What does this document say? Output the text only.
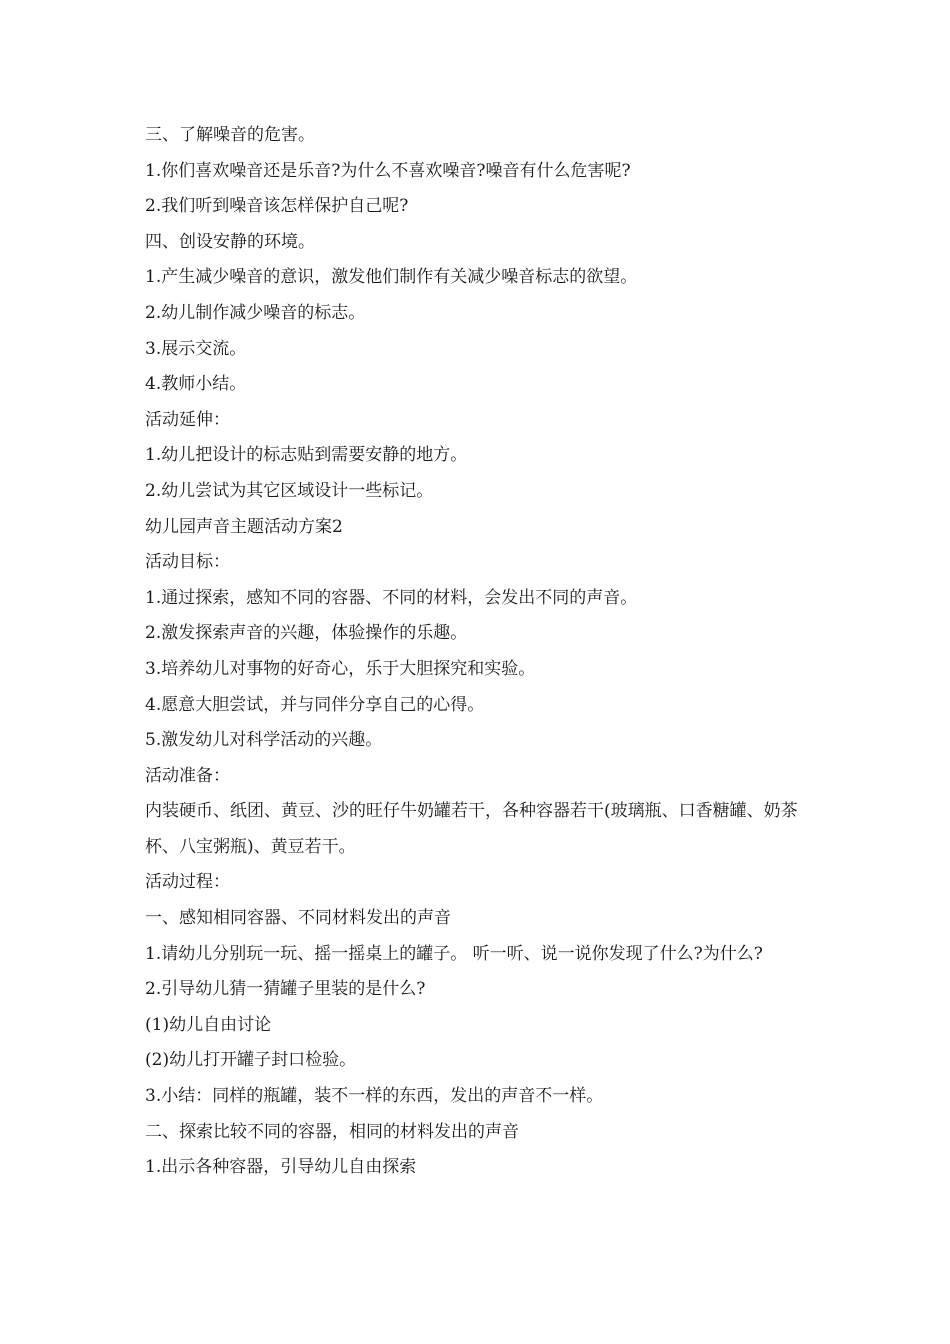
三、了解噪音的危害。

1.你们喜欢噪音还是乐音?为什么不喜欢噪音?噪音有什么危害呢?

2.我们听到噪音该怎样保护自己呢?

四、创设安静的环境。

1.产生减少噪音的意识，激发他们制作有关减少噪音标志的欲望。

2.幼儿制作减少噪音的标志。

3.展示交流。

4.教师小结。

活动延伸：

1.幼儿把设计的标志贴到需要安静的地方。

2.幼儿尝试为其它区域设计一些标记。

幼儿园声音主题活动方案2

活动目标：

1.通过探索，感知不同的容器、不同的材料，会发出不同的声音。

2.激发探索声音的兴趣，体验操作的乐趣。

3.培养幼儿对事物的好奇心，乐于大胆探究和实验。

4.愿意大胆尝试，并与同伴分享自己的心得。

5.激发幼儿对科学活动的兴趣。

活动准备：

内装硬币、纸团、黄豆、沙的旺仔牛奶罐若干，各种容器若干(玻璃瓶、口香糖罐、奶茶杯、八宝粥瓶)、黄豆若干。

活动过程：

一、感知相同容器、不同材料发出的声音

1.请幼儿分别玩一玩、摇一摇桌上的罐子。 听一听、说一说你发现了什么?为什么?

2.引导幼儿猜一猜罐子里装的是什么?

(1)幼儿自由讨论

(2)幼儿打开罐子封口检验。

3.小结：同样的瓶罐，装不一样的东西，发出的声音不一样。

二、探索比较不同的容器，相同的材料发出的声音

1.出示各种容器，引导幼儿自由探索
